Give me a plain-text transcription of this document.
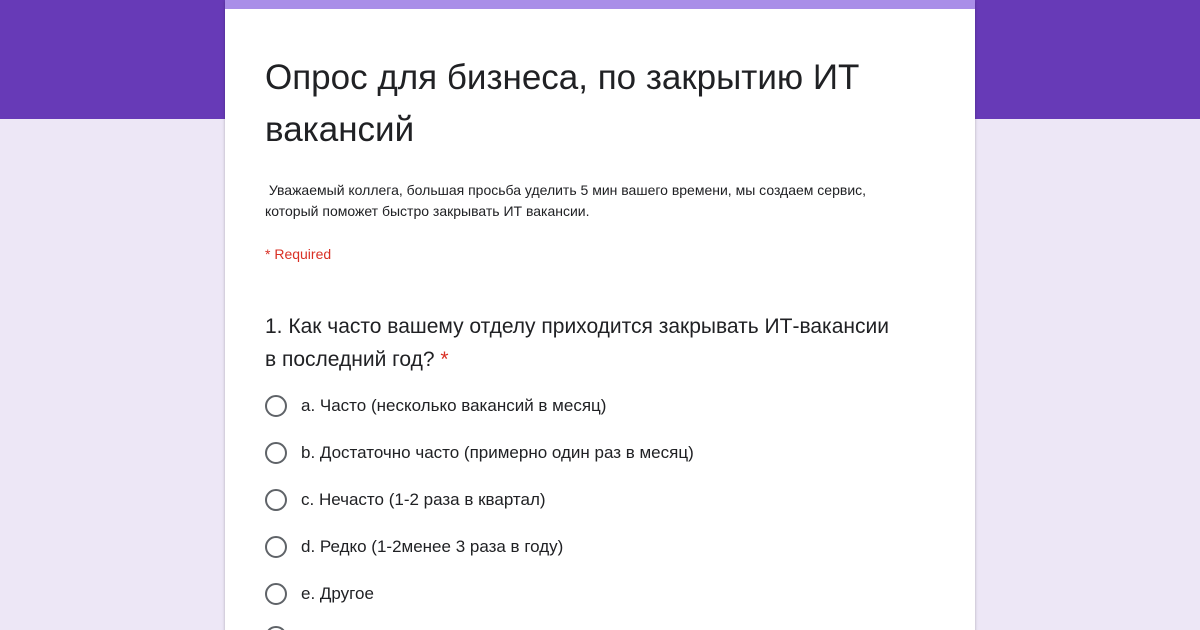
Опрос для бизнеса, по закрытию ИТ вакансий

Уважаемый коллега, большая просьба уделить 5 мин вашего времени, мы создаем сервис,
который поможет быстро закрывать ИТ вакансии.

* Required
1. Как часто вашему отделу приходится закрывать ИТ-вакансии в последний год? *
a. Часто (несколько вакансий в месяц)
b. Достаточно часто (примерно один раз в месяц)
c. Нечасто (1-2 раза в квартал)
d. Редко (1-2менее 3 раза в году)
e. Другое
